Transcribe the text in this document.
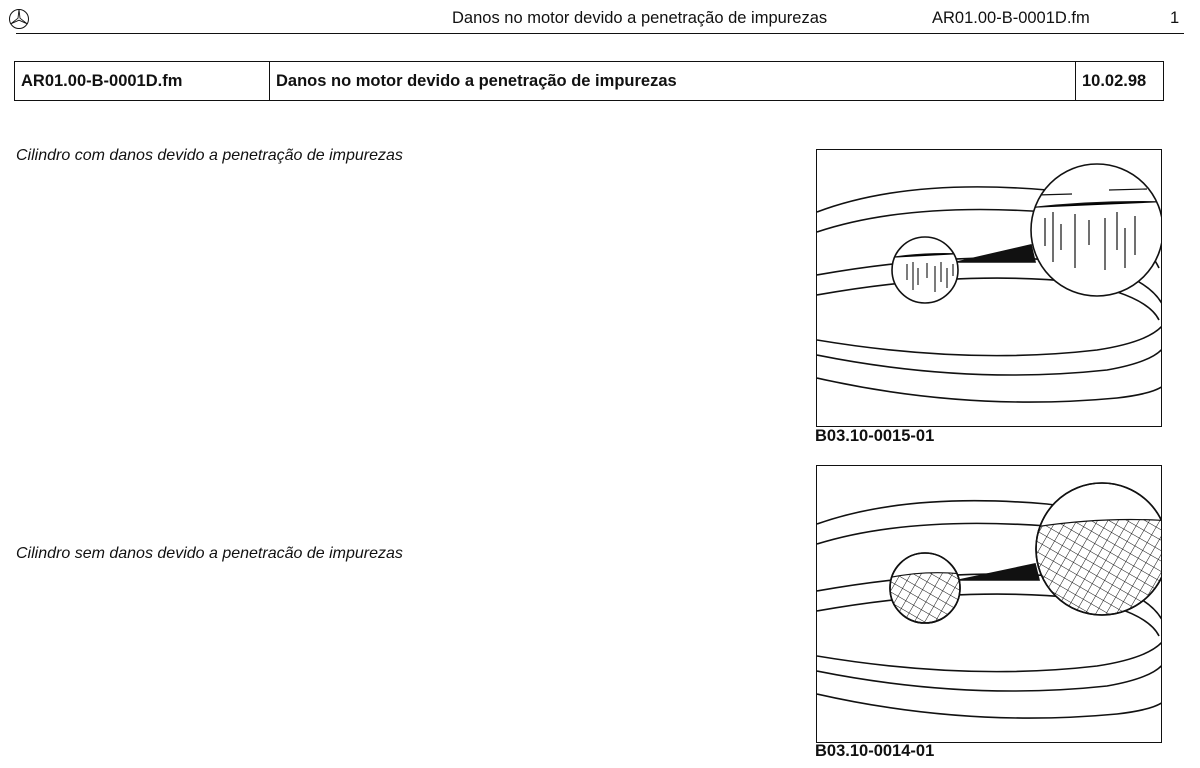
Danos no motor devido a penetração de impurezas	AR01.00-B-0001D.fm	1
AR01.00-B-0001D.fm	Danos no motor devido a penetração de impurezas	10.02.98
Cilindro com danos devido a penetração de impurezas
B03.10-0015-01
Cilindro sem danos devido a penetracão de impurezas
B03.10-0014-01
